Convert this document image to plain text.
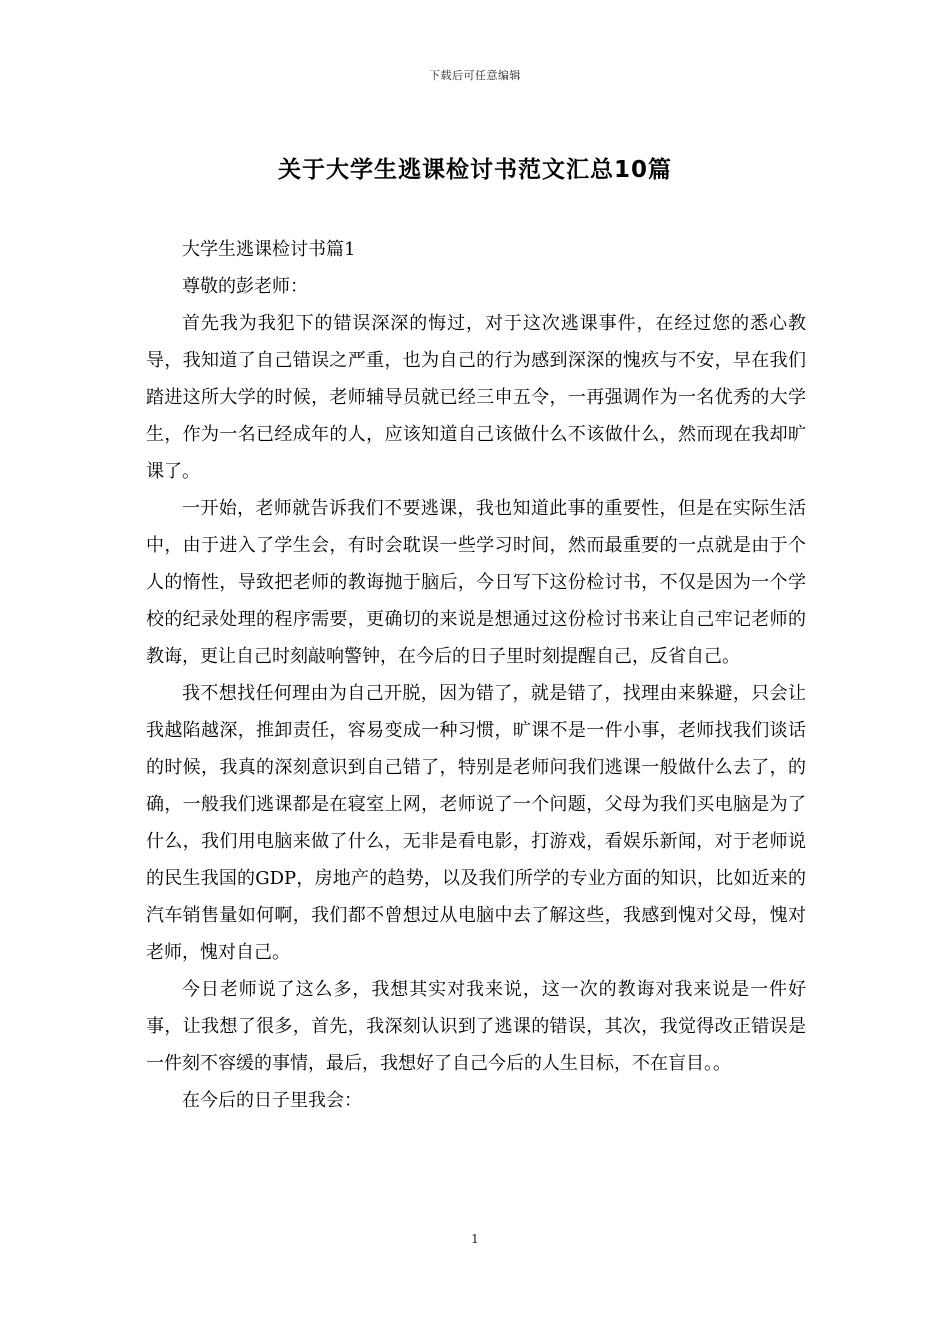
下载后可任意编辑
关于大学生逃课检讨书范文汇总10篇

大学生逃课检讨书篇1

尊敬的彭老师：

首先我为我犯下的错误深深的悔过，对于这次逃课事件，在经过您的悉心教导，我知道了自己错误之严重，也为自己的行为感到深深的愧疚与不安，早在我们踏进这所大学的时候，老师辅导员就已经三申五令，一再强调作为一名优秀的大学生，作为一名已经成年的人，应该知道自己该做什么不该做什么，然而现在我却旷课了。

一开始，老师就告诉我们不要逃课，我也知道此事的重要性，但是在实际生活中，由于进入了学生会，有时会耽误一些学习时间，然而最重要的一点就是由于个人的惰性，导致把老师的教诲抛于脑后，今日写下这份检讨书，不仅是因为一个学校的纪录处理的程序需要，更确切的来说是想通过这份检讨书来让自己牢记老师的教诲，更让自己时刻敲响警钟，在今后的日子里时刻提醒自己，反省自己。

我不想找任何理由为自己开脱，因为错了，就是错了，找理由来躲避，只会让我越陷越深，推卸责任，容易变成一种习惯，旷课不是一件小事，老师找我们谈话的时候，我真的深刻意识到自己错了，特别是老师问我们逃课一般做什么去了，的确，一般我们逃课都是在寝室上网，老师说了一个问题，父母为我们买电脑是为了什么，我们用电脑来做了什么，无非是看电影，打游戏，看娱乐新闻，对于老师说的民生我国的GDP，房地产的趋势，以及我们所学的专业方面的知识，比如近来的汽车销售量如何啊，我们都不曾想过从电脑中去了解这些，我感到愧对父母，愧对老师，愧对自己。

今日老师说了这么多，我想其实对我来说，这一次的教诲对我来说是一件好事，让我想了很多，首先，我深刻认识到了逃课的错误，其次，我觉得改正错误是一件刻不容缓的事情，最后，我想好了自己今后的人生目标，不在盲目。。

在今后的日子里我会：

1
